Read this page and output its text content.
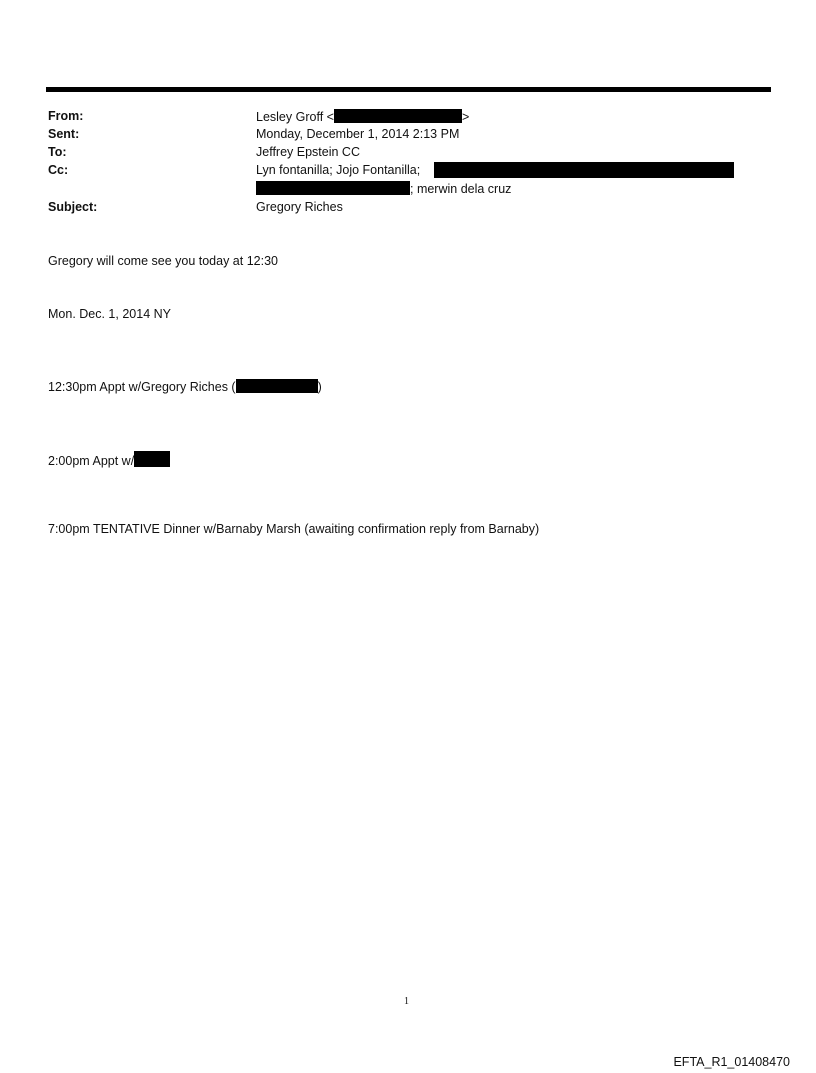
From:	Lesley Groff <	>
Sent:	Monday, December 1, 2014 2:13 PM
To:	Jeffrey Epstein CC
Cc:	Lyn fontanilla; Jojo Fontanilla;
; merwin dela cruz
Subject:	Gregory Riches
Gregory will come see you today at 12:30
Mon. Dec. 1, 2014 NY
12:30pm Appt w/Gregory Riches (	)
2:00pm Appt w/
7:00pm TENTATIVE Dinner w/Barnaby Marsh (awaiting confirmation reply from Barnaby)
1
EFTA_R1_01408470
